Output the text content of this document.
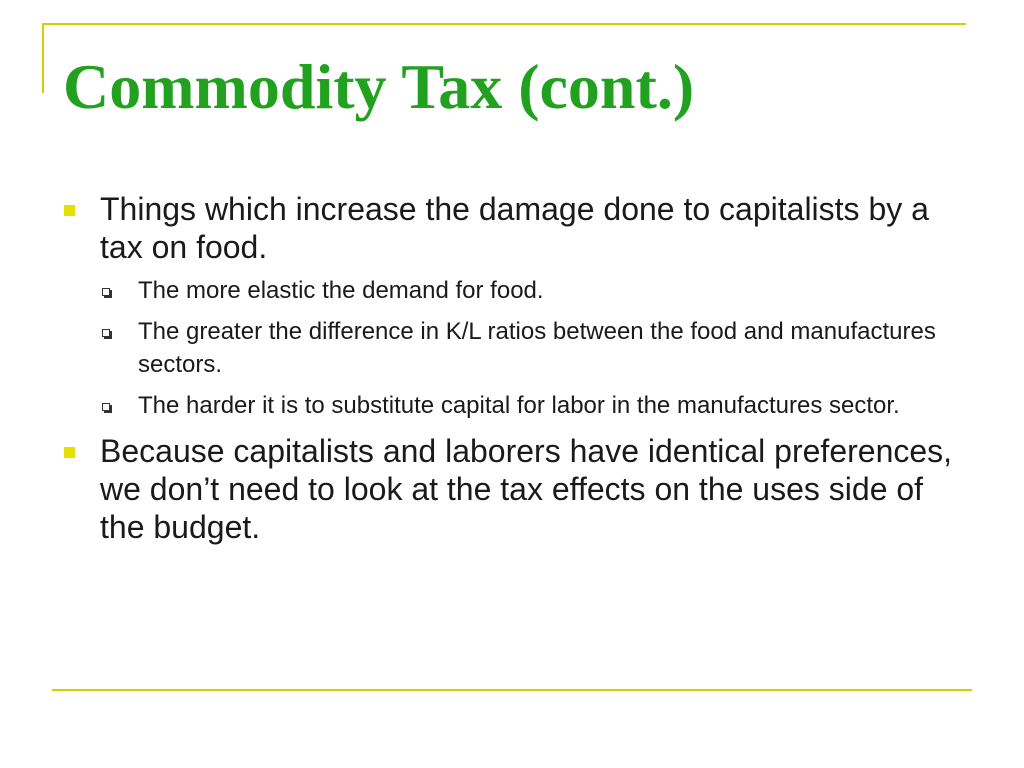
Commodity Tax (cont.)
Things which increase the damage done to capitalists by a tax on food.
The more elastic the demand for food.
The greater the difference in K/L ratios between the food and manufactures sectors.
The harder it is to substitute capital for labor in the manufactures sector.
Because capitalists and laborers have identical preferences, we don’t need to look at the tax effects on the uses side of the budget.
